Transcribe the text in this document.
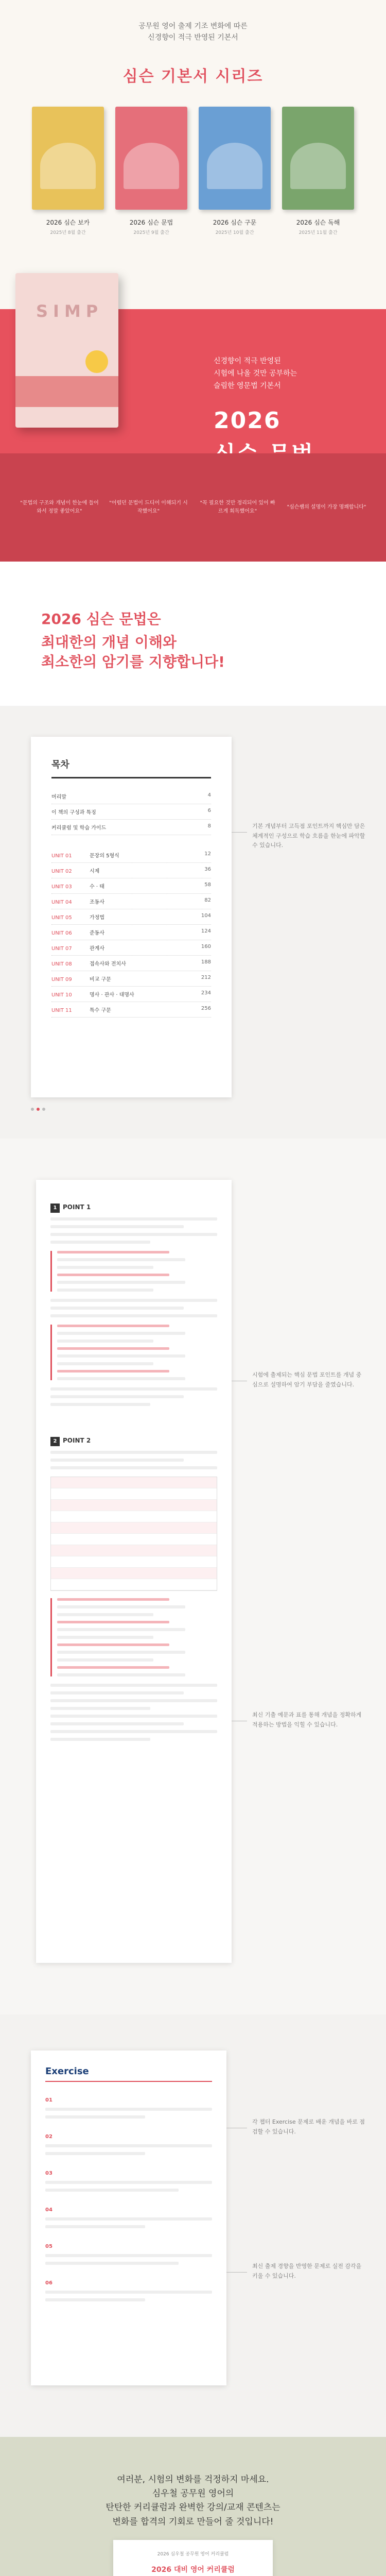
공무원 영어 출제 기조 변화에 따른
신경향이 적극 반영된 기본서
심슨 기본서 시리즈
2026 심슨 보카
2025년 8월 출간
2026 심슨 문법
2025년 9월 출간
2026 심슨 구문
2025년 10월 출간
2026 심슨 독해
2025년 11월 출간
SIMP
신경향이 적극 반영된
시험에 나올 것만 공부하는
슬림한 영문법 기본서
2026
"문법의 구조와 개념이 한눈에 들어와서 정말 좋았어요"
"어렵던 문법이 드디어 이해되기 시작했어요"
"꼭 필요한 것만 정리되어 있어 빠르게 회독했어요"
"심슨쌤의 설명이 가장 명쾌합니다"
2026 심슨 문법은
최대한의 개념 이해와
최소한의 암기를 지향합니다!
목차
머리말	4
이 책의 구성과 특징	6
커리큘럼 및 학습 가이드	8
UNIT 01	문장의 5형식	12
UNIT 02	시제	36
UNIT 03	수 · 태	58
UNIT 04	조동사	82
UNIT 05	가정법	104
UNIT 06	준동사	124
UNIT 07	관계사	160
UNIT 08	접속사와 전치사	188
UNIT 09	비교 구문	212
UNIT 10	명사 · 관사 · 대명사	234
UNIT 11	특수 구문	256
기본 개념부터 고득점 포인트까지 핵심만 담은 체계적인 구성으로 학습 흐름을 한눈에 파악할 수 있습니다.
1 POINT 1
2 POINT 2
시험에 출제되는 핵심 문법 포인트를 개념 중심으로 설명하여 암기 부담을 줄였습니다.
최신 기출 예문과 표를 통해 개념을 정확하게 적용하는 방법을 익힐 수 있습니다.
Exercise
01
02
03
04
05
06
각 챕터 Exercise 문제로 배운 개념을 바로 점검할 수 있습니다.
최신 출제 경향을 반영한 문제로 실전 감각을 키울 수 있습니다.
여러분, 시험의 변화를 걱정하지 마세요.
심우철 공무원 영어의
탄탄한 커리큘럼과 완벽한 강의/교재 콘텐츠는
변화를 합격의 기회로 만들어 줄 것입니다!
2026 심우철 공무원 영어 커리큘럼
2026 대비 영어 커리큘럼
